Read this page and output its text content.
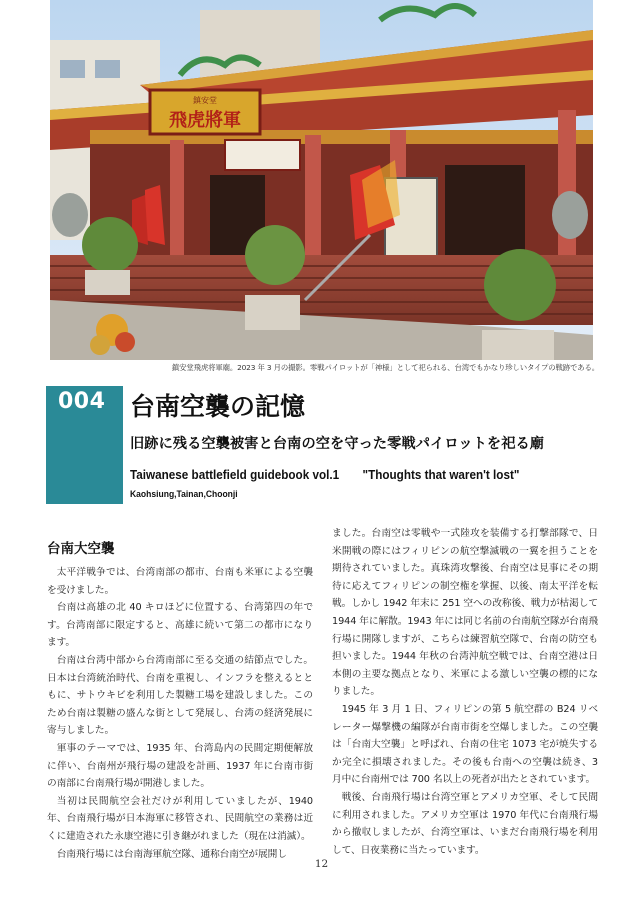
鎮安堂
飛虎將軍
鎮安堂飛虎将軍廟。2023 年 3 月の撮影。零戦パイロットが「神様」として祀られる、台湾でもかなり珍しいタイプの戦跡である。
004 台南空襲の記憶
旧跡に残る空襲被害と台南の空を守った零戦パイロットを祀る廟
Taiwanese battlefield guidebook vol.1 "Thoughts that waren't lost"
Kaohsiung,Tainan,Choonji
台南大空襲

太平洋戦争では、台湾南部の都市、台南も米軍による空襲を受けました。

台南は高雄の北 40 キロほどに位置する、台湾第四の年です。台湾南部に限定すると、高雄に続いて第二の都市になります。

台南は台湾中部から台湾南部に至る交通の結節点でした。日本は台湾統治時代、台南を重視し、インフラを整えるとともに、サトウキビを利用した製糖工場を建設しました。このため台南は製糖の盛んな街として発展し、台湾の経済発展に寄与しました。

軍事のテーマでは、1935 年、台湾島内の民間定期便解放に伴い、台南州が飛行場の建設を計画、1937 年に台南市街の南部に台南飛行場が開港しました。

当初は民間航空会社だけが利用していましたが、1940 年、台南飛行場が日本海軍に移管され、民間航空の業務は近くに建造された永康空港に引き継がれました（現在は消滅）。

台南飛行場には台南海軍航空隊、通称台南空が展開し

ました。台南空は零戦や一式陸攻を装備する打撃部隊で、日米開戦の際にはフィリピンの航空撃滅戦の一翼を担うことを期待されていました。真珠湾攻撃後、台南空は見事にその期待に応えてフィリピンの制空権を掌握、以後、南太平洋を転戦。しかし 1942 年末に 251 空への改称後、戦力が枯渇して 1944 年に解散。1943 年には同じ名前の台南航空隊が台南飛行場に開隊しますが、こちらは練習航空隊で、台南の防空も担いました。1944 年秋の台湾沖航空戦では、台南空港は日本側の主要な拠点となり、米軍による激しい空襲の標的になりました。

1945 年 3 月 1 日、フィリピンの第 5 航空群の B24 リベレーター爆撃機の編隊が台南市街を空爆しました。この空襲は「台南大空襲」と呼ばれ、台南の住宅 1073 宅が焼失するか完全に損壊されました。その後も台南への空襲は続き、3 月中に台南州では 700 名以上の死者が出たとされています。

戦後、台南飛行場は台湾空軍とアメリカ空軍、そして民間に利用されました。アメリカ空軍は 1970 年代に台南飛行場から撤収しましたが、台湾空軍は、いまだ台南飛行場を利用して、日夜業務に当たっています。

12
